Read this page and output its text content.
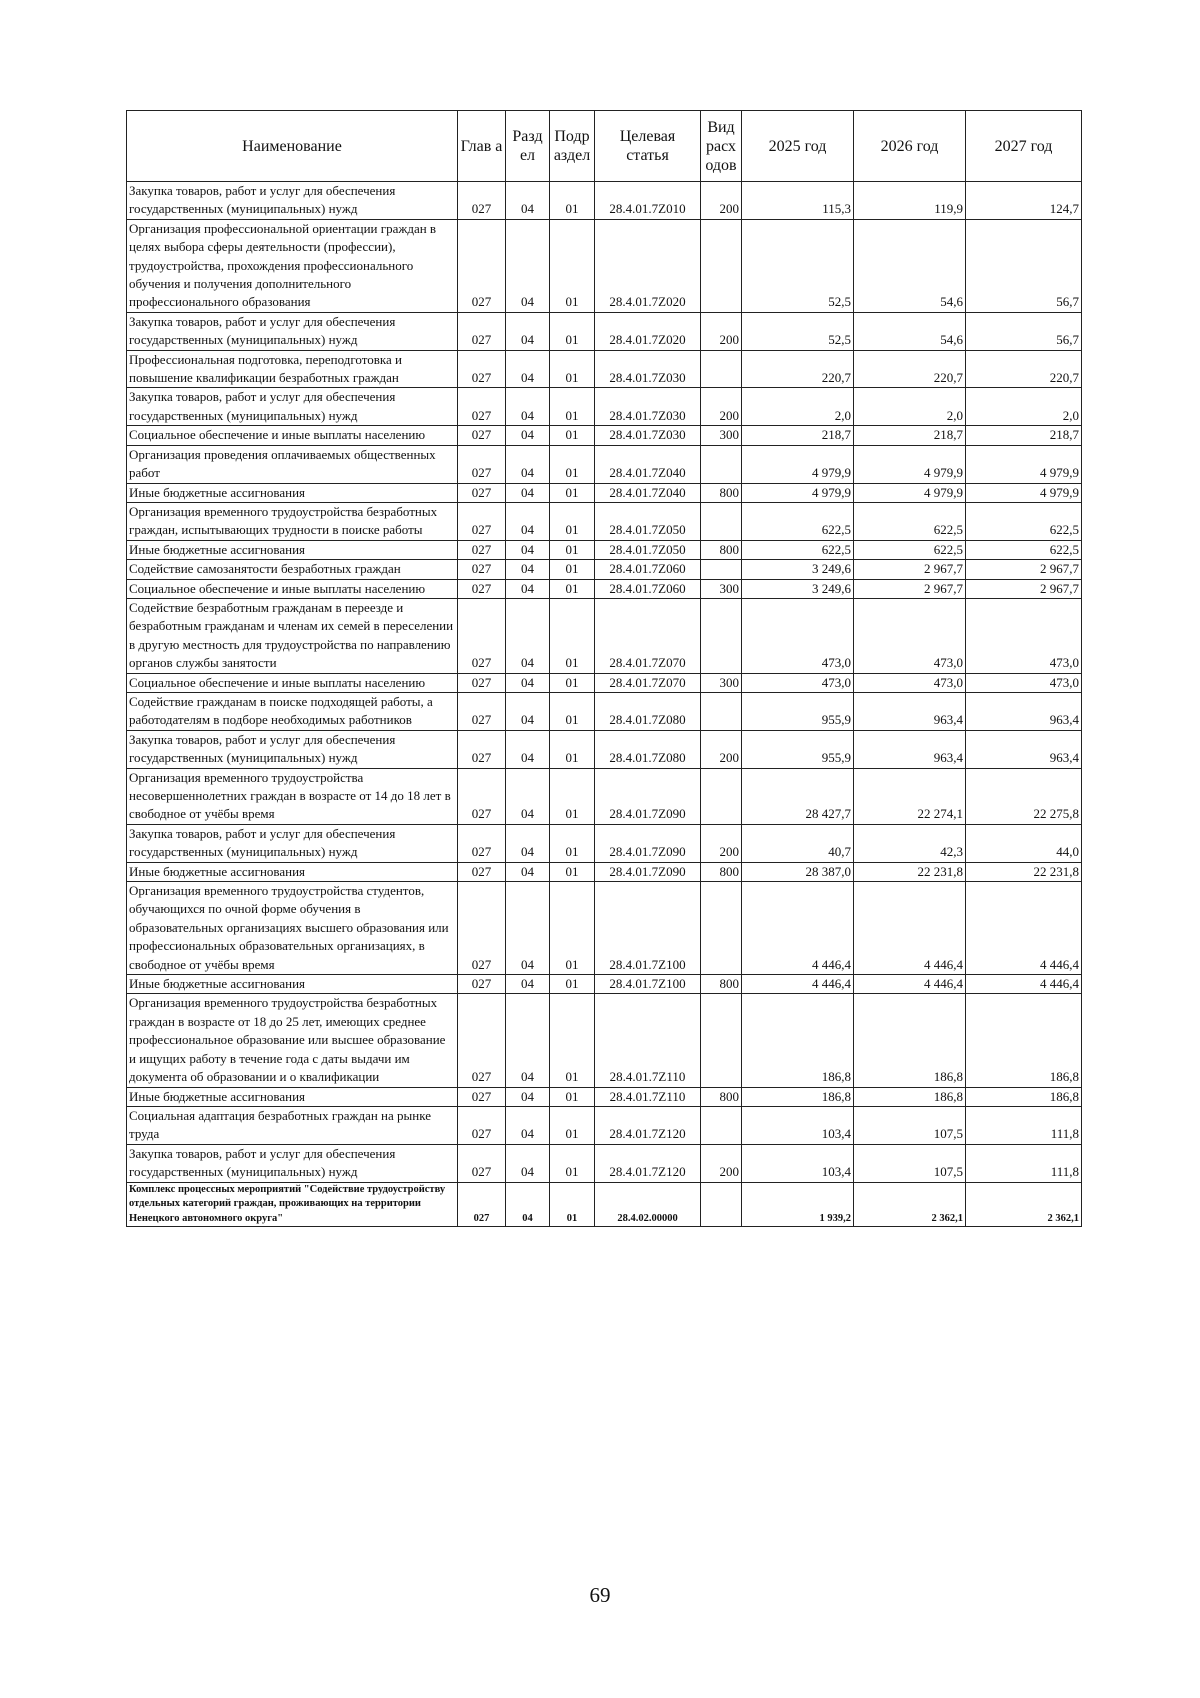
Наименование	Глав а	Разд ел	Подр аздел	Целевая статья	Вид расх одов	2025 год	2026 год	2027 год
Закупка товаров, работ и услуг для обеспечения государственных (муниципальных) нужд	027	04	01	28.4.01.7Z010	200	115,3	119,9	124,7
Организация профессиональной ориентации граждан в целях выбора сферы деятельности (профессии), трудоустройства, прохождения профессионального обучения и получения дополнительного профессионального образования	027	04	01	28.4.01.7Z020		52,5	54,6	56,7
Закупка товаров, работ и услуг для обеспечения государственных (муниципальных) нужд	027	04	01	28.4.01.7Z020	200	52,5	54,6	56,7
Профессиональная подготовка, переподготовка и повышение квалификации безработных граждан	027	04	01	28.4.01.7Z030		220,7	220,7	220,7
Закупка товаров, работ и услуг для обеспечения государственных (муниципальных) нужд	027	04	01	28.4.01.7Z030	200	2,0	2,0	2,0
Социальное обеспечение и иные выплаты населению	027	04	01	28.4.01.7Z030	300	218,7	218,7	218,7
Организация проведения оплачиваемых общественных работ	027	04	01	28.4.01.7Z040		4 979,9	4 979,9	4 979,9
Иные бюджетные ассигнования	027	04	01	28.4.01.7Z040	800	4 979,9	4 979,9	4 979,9
Организация временного трудоустройства безработных граждан, испытывающих трудности в поиске работы	027	04	01	28.4.01.7Z050		622,5	622,5	622,5
Иные бюджетные ассигнования	027	04	01	28.4.01.7Z050	800	622,5	622,5	622,5
Содействие самозанятости безработных граждан	027	04	01	28.4.01.7Z060		3 249,6	2 967,7	2 967,7
Социальное обеспечение и иные выплаты населению	027	04	01	28.4.01.7Z060	300	3 249,6	2 967,7	2 967,7
Содействие безработным гражданам в переезде и безработным гражданам и членам их семей в переселении в другую местность для трудоустройства по направлению органов службы занятости	027	04	01	28.4.01.7Z070		473,0	473,0	473,0
Социальное обеспечение и иные выплаты населению	027	04	01	28.4.01.7Z070	300	473,0	473,0	473,0
Содействие гражданам в поиске подходящей работы, а работодателям в подборе необходимых работников	027	04	01	28.4.01.7Z080		955,9	963,4	963,4
Закупка товаров, работ и услуг для обеспечения государственных (муниципальных) нужд	027	04	01	28.4.01.7Z080	200	955,9	963,4	963,4
Организация временного трудоустройства несовершеннолетних граждан в возрасте от 14 до 18 лет в свободное от учёбы время	027	04	01	28.4.01.7Z090		28 427,7	22 274,1	22 275,8
Закупка товаров, работ и услуг для обеспечения государственных (муниципальных) нужд	027	04	01	28.4.01.7Z090	200	40,7	42,3	44,0
Иные бюджетные ассигнования	027	04	01	28.4.01.7Z090	800	28 387,0	22 231,8	22 231,8
Организация временного трудоустройства студентов, обучающихся по очной форме обучения в образовательных организациях высшего образования или профессиональных образовательных организациях, в свободное от учёбы время	027	04	01	28.4.01.7Z100		4 446,4	4 446,4	4 446,4
Иные бюджетные ассигнования	027	04	01	28.4.01.7Z100	800	4 446,4	4 446,4	4 446,4
Организация временного трудоустройства безработных граждан в возрасте от 18 до 25 лет, имеющих среднее профессиональное образование или высшее образование и ищущих работу в течение года с даты выдачи им документа об образовании и о квалификации	027	04	01	28.4.01.7Z110		186,8	186,8	186,8
Иные бюджетные ассигнования	027	04	01	28.4.01.7Z110	800	186,8	186,8	186,8
Социальная адаптация безработных граждан на рынке труда	027	04	01	28.4.01.7Z120		103,4	107,5	111,8
Закупка товаров, работ и услуг для обеспечения государственных (муниципальных) нужд	027	04	01	28.4.01.7Z120	200	103,4	107,5	111,8
Комплекс процессных мероприятий "Содействие трудоустройству отдельных категорий граждан, проживающих на территории Ненецкого автономного округа"	027	04	01	28.4.02.00000		1 939,2	2 362,1	2 362,1
69
